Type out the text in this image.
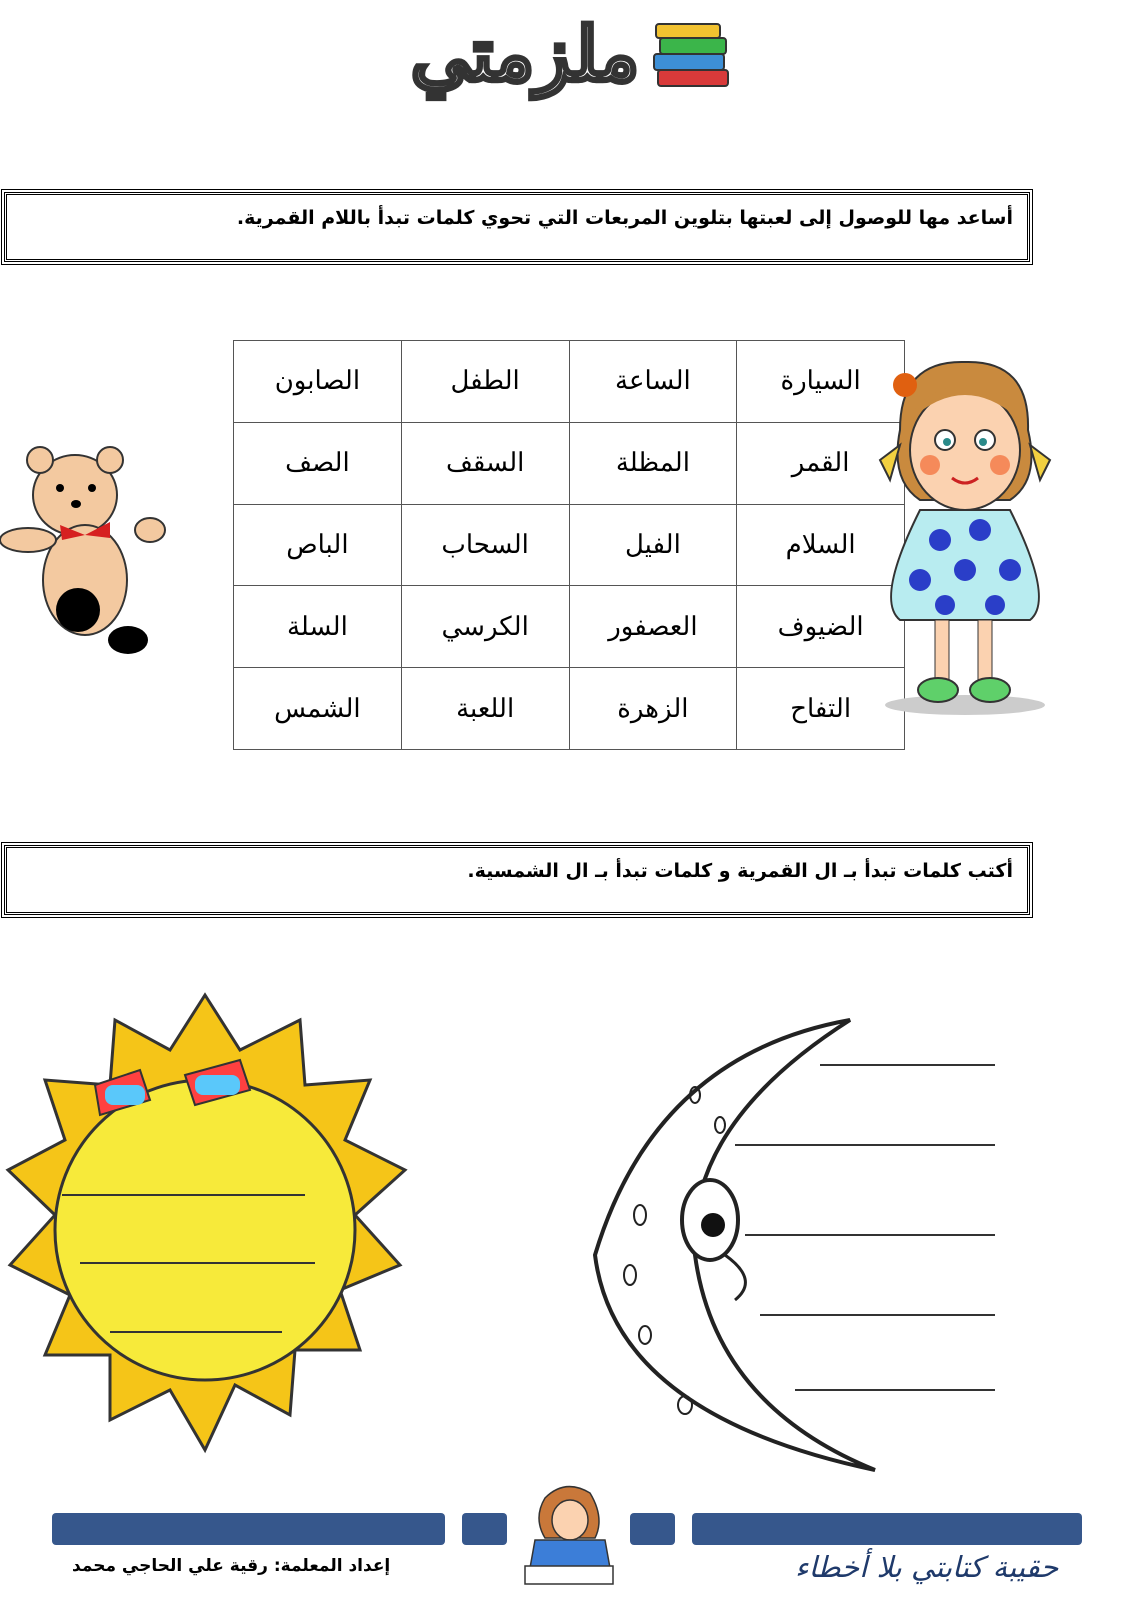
ملزمتي
أساعد مها للوصول إلى لعبتها بتلوين المربعات التي تحوي كلمات تبدأ باللام القمرية.
السيارة	الساعة	الطفل	الصابون
القمر	المظلة	السقف	الصف
السلام	الفيل	السحاب	الباص
الضيوف	العصفور	الكرسي	السلة
التفاح	الزهرة	اللعبة	الشمس
أكتب كلمات تبدأ بـ ال القمرية و كلمات تبدأ بـ ال الشمسية.
إعداد المعلمة: رقية علي الحاجي محمد	حقيبة كتابتي بلا أخطاء
